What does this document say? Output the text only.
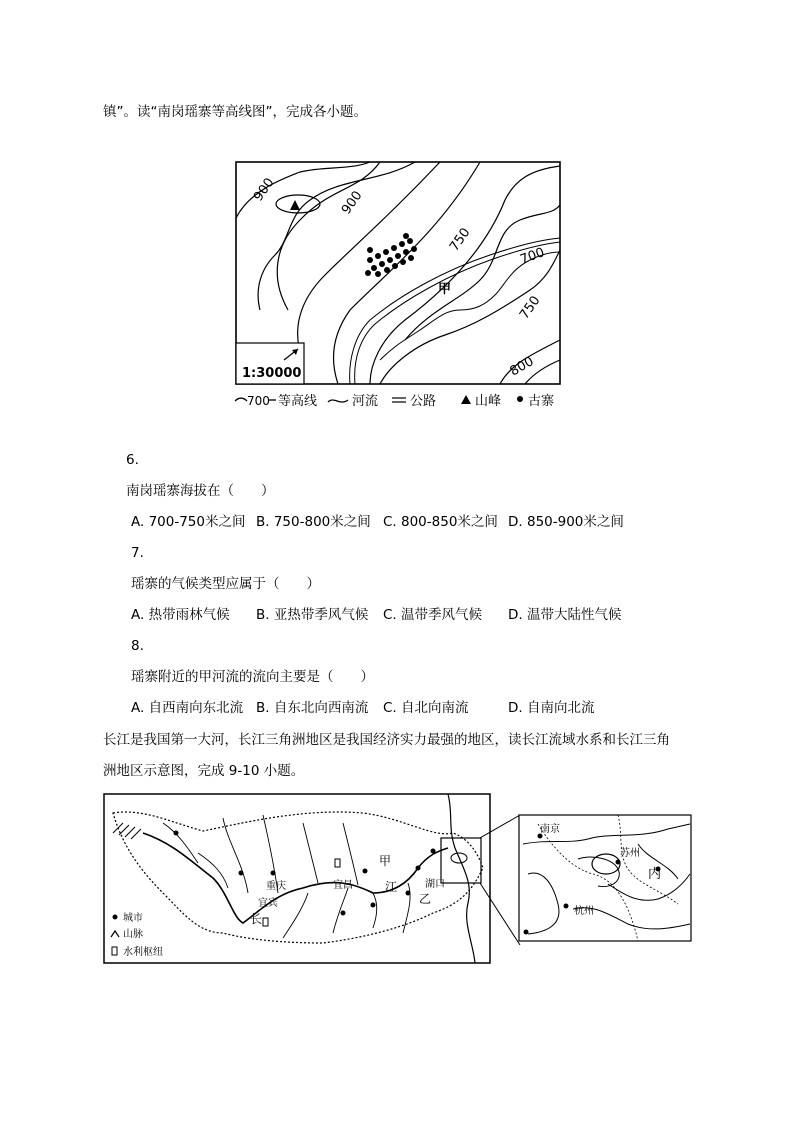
镇”。读“南岗瑶寨等高线图”，完成各小题。
900	900
750
700
750
800
甲
1:30000
700 等高线	河流 公路	山峰 古寨
6.
南岗瑶寨海拔在（　　）
A. 700-750米之间 B. 750-800米之间 C. 800-850米之间 D. 850-900米之间
7.
瑶寨的气候类型应属于（　　）
A. 热带雨林气候 B. 亚热带季风气候 C. 温带季风气候 D. 温带大陆性气候
8.
瑶寨附近的甲河流的流向主要是（　　）
A. 自西南向东北流 B. 自东北向西南流 C. 自北向南流	D. 自南向北流
长江是我国第一大河，长江三角洲地区是我国经济实力最强的地区，读长江流域水系和长江三角
洲地区示意图，完成 9-10 小题。
重庆
宜宾
宜昌	湖口
甲
乙
长
江
城市
山脉
水利枢纽
南京
苏州
杭州
内
